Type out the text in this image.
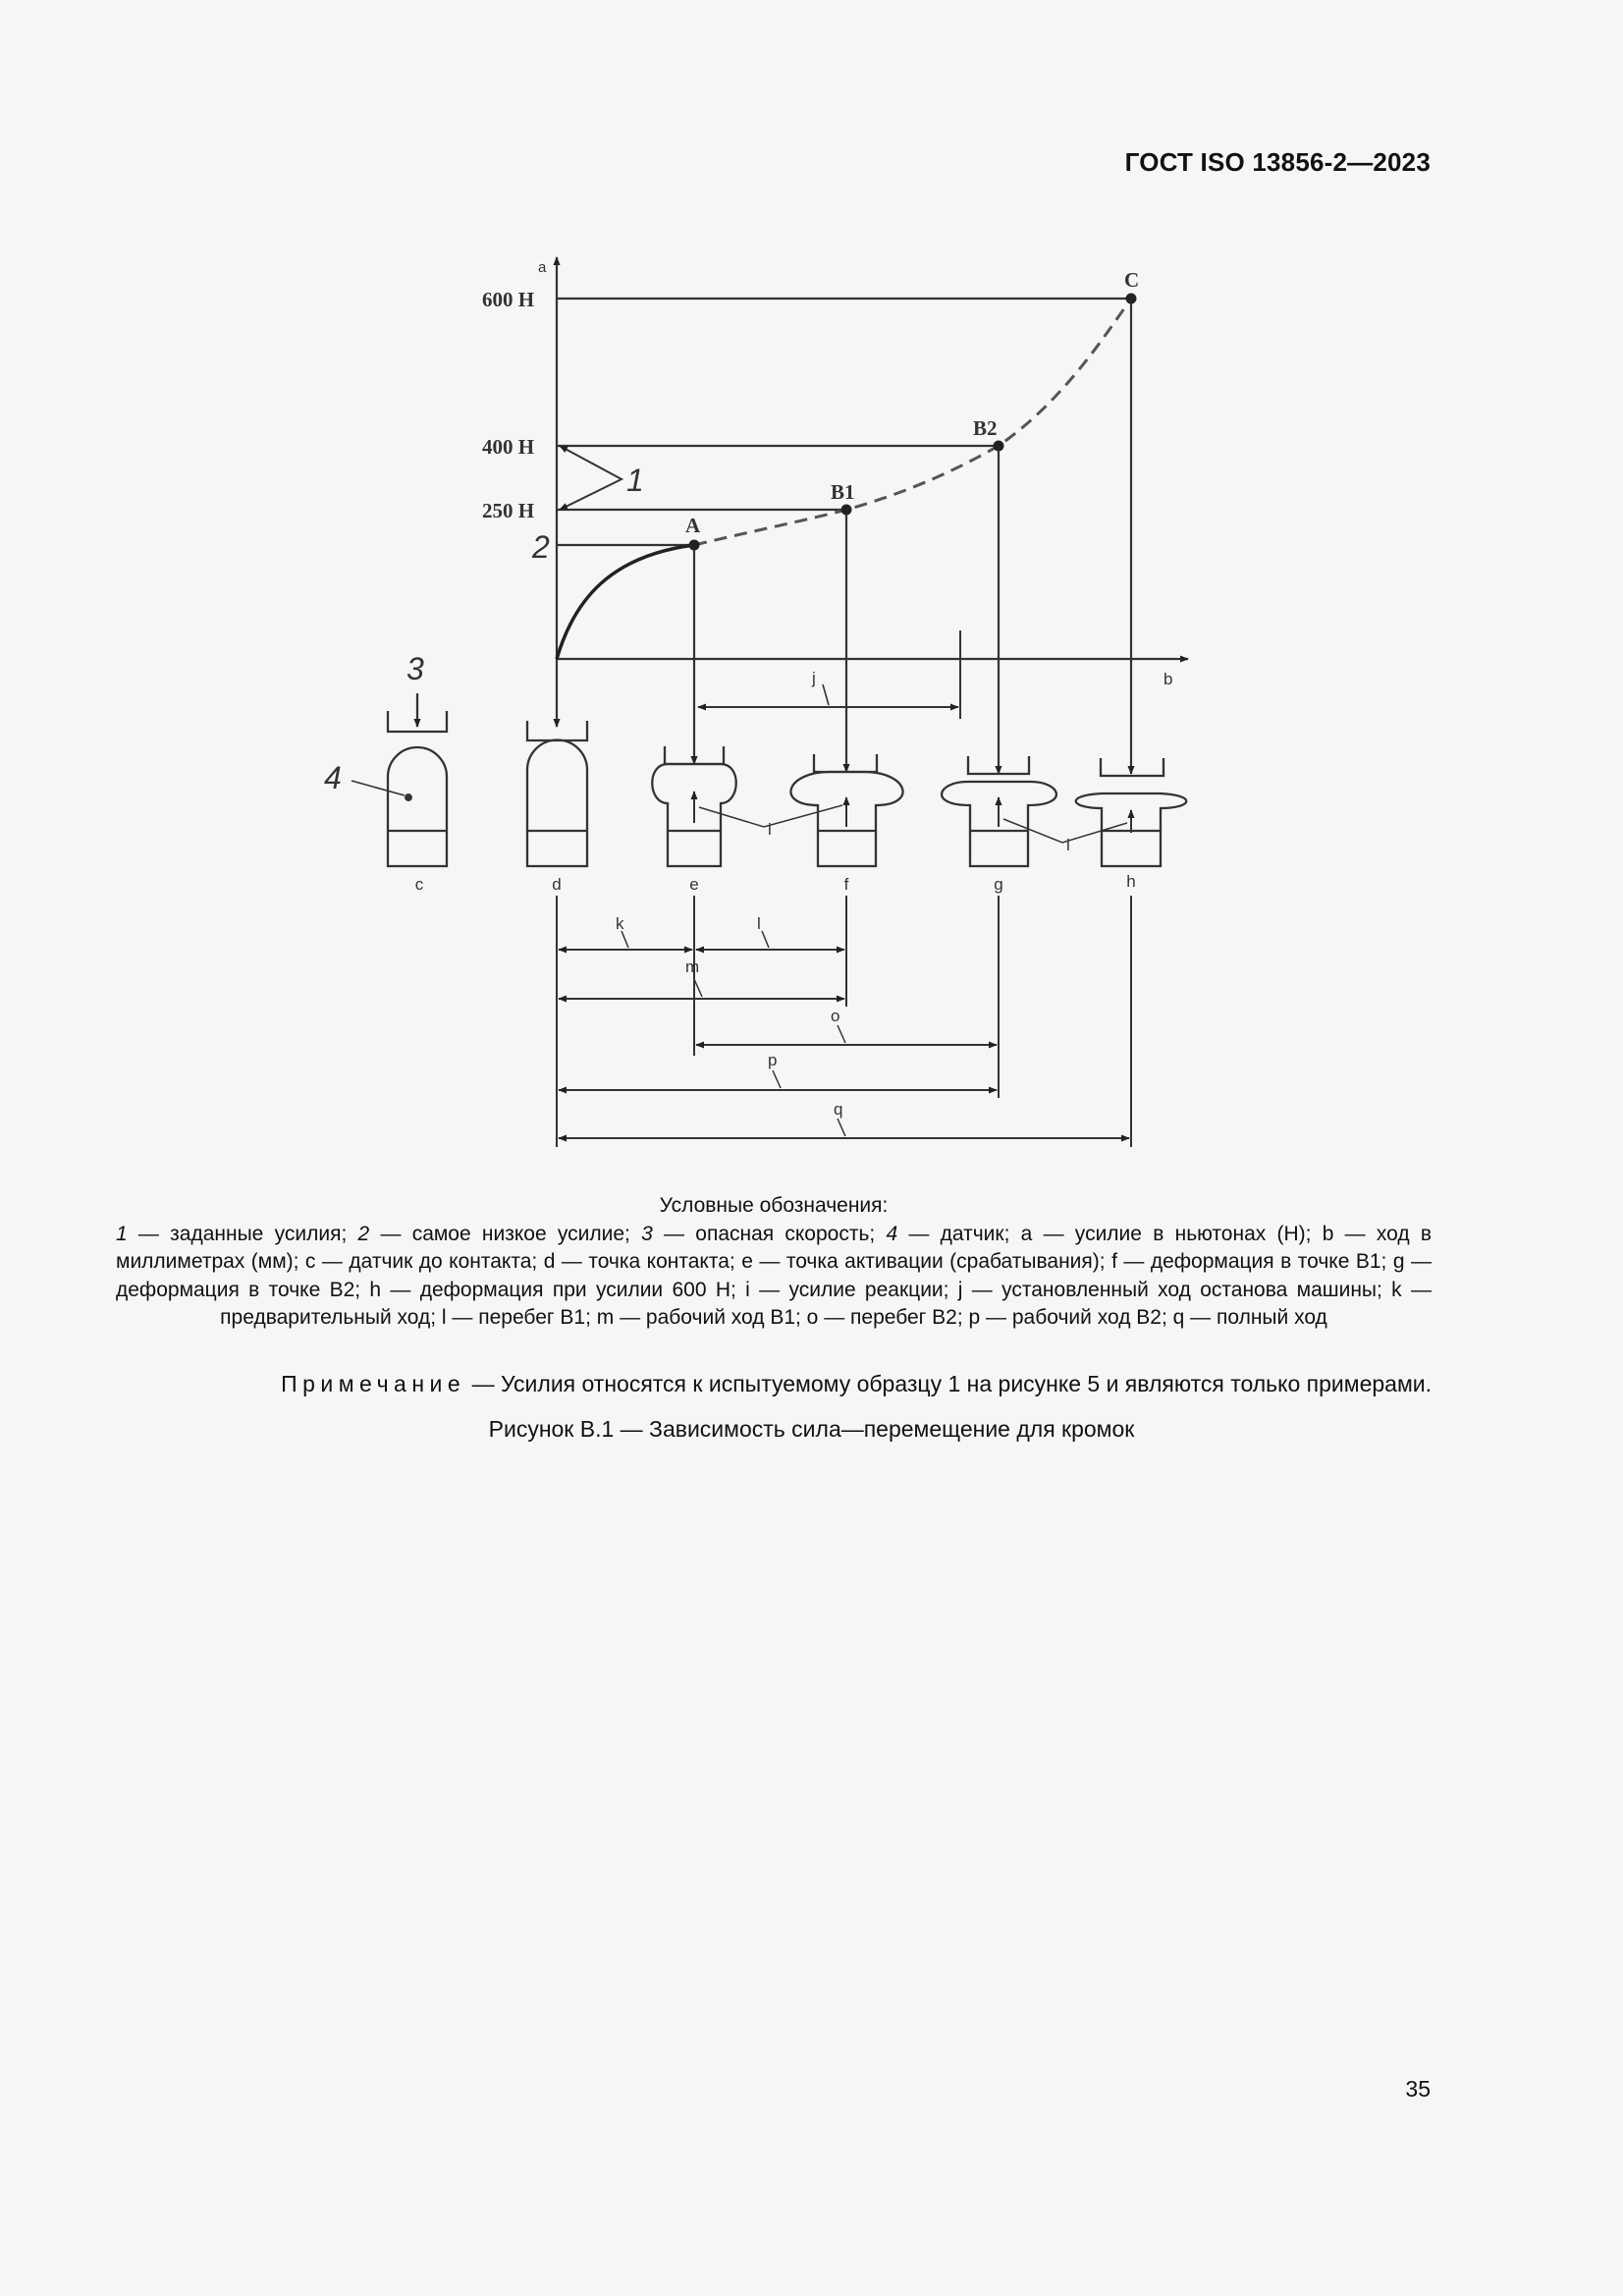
ГОСТ ISO 13856-2—2023
a
b
600 Н
400 Н
250 Н
A
B1
B2
C
1
2
j
i
i
3
4
c	d	e	f	g	h
k	l
m
o
p
q
Условные обозначения:
1 — заданные усилия; 2 — самое низкое усилие; 3 — опасная скорость; 4 — датчик; a — усилие в ньютонах (Н); b — ход в миллиметрах (мм); c — датчик до контакта; d — точка контакта; e — точка активации (срабатывания); f — деформация в точке B1; g — деформация в точке B2; h — деформация при усилии 600 Н; i — усилие реакции; j — установленный ход останова машины; k — предварительный ход; l — перебег B1; m — рабочий ход B1; o — перебег B2; p — рабочий ход B2; q — полный ход
Примечание — Усилия относятся к испытуемому образцу 1 на рисунке 5 и являются только примерами.
Рисунок B.1 — Зависимость сила—перемещение для кромок
35
